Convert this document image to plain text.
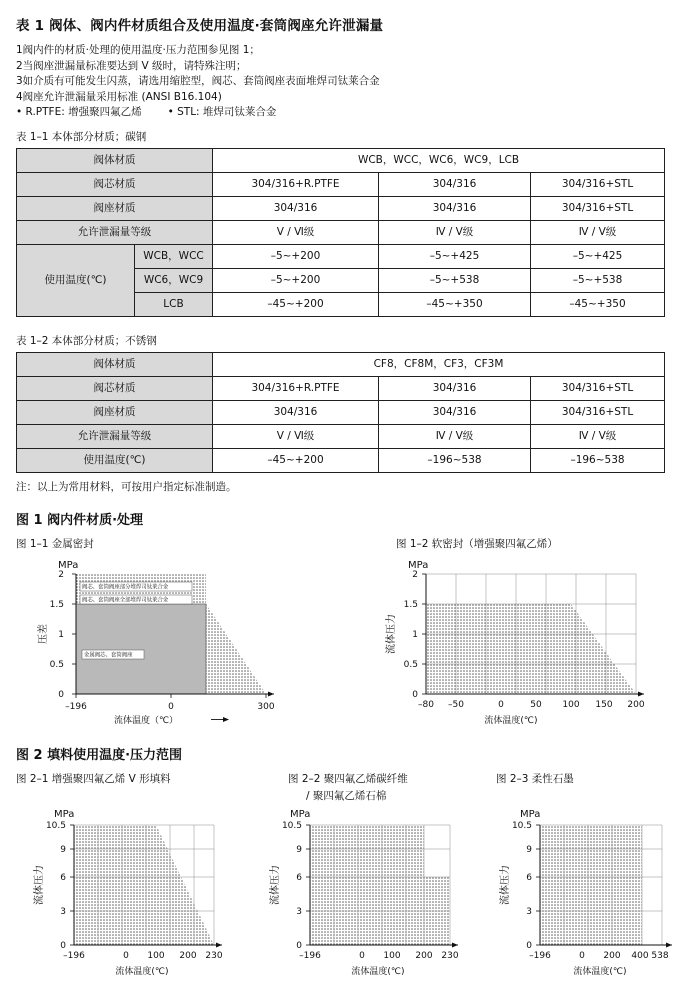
表 1 阀体、阀内件材质组合及使用温度·套筒阀座允许泄漏量
1阀内件的材质·处理的使用温度·压力范围参见图 1；
2当阀座泄漏量标准要达到 V 级时，请特殊注明；
3如介质有可能发生闪蒸，请选用缩腔型，阀芯、套筒阀座表面堆焊司钛莱合金
4阀座允许泄漏量采用标准 (ANSI B16.104)
• R.PTFE: 增强聚四氟乙烯 • STL: 堆焊司钛莱合金
表 1–1 本体部分材质；碳钢
阀体材质		WCB，WCC，WC6，WC9，LCB		
阀芯材质		304/316+R.PTFE	304/316	304/316+STL
阀座材质		304/316	304/316	304/316+STL
允许泄漏量等级		Ⅴ / Ⅵ级	Ⅳ / Ⅴ级	Ⅳ / Ⅴ级
使用温度(℃)	WCB，WCC	–5~+200	–5~+425	–5~+425
	WC6，WC9	–5~+200	–5~+538	–5~+538
	LCB	–45~+200	–45~+350	–45~+350
表 1–2 本体部分材质；不锈钢
阀体材质	CF8，CF8M，CF3，CF3M		
阀芯材质	304/316+R.PTFE	304/316	304/316+STL
阀座材质	304/316	304/316	304/316+STL
允许泄漏量等级	Ⅴ / Ⅵ级	Ⅳ / Ⅴ级	Ⅳ / Ⅴ级
使用温度(℃)	–45~+200	–196~538	–196~538
注：以上为常用材料，可按用户指定标准制造。
图 1 阀内件材质·处理
图 1–1 金属密封	图 1–2 软密封（增强聚四氟乙烯）
MPa
阀芯、套筒阀座部分堆焊司钛莱合金
阀芯、套筒阀座全部堆焊司钛莱合金
金属阀芯、套筒阀座
0
0.5
1
1.5
2
–196	0	300
压差
流体温度（℃）
MPa
0
0.5
1
1.5
2
–80 –50	0	50 100 150 200
流体压力
流体温度(℃)
图 2 填料使用温度·压力范围
图 2–1 增强聚四氟乙烯 V 形填料	图 2–2 聚四氟乙烯碳纤维
/ 聚四氟乙烯石棉
图 2–3 柔性石墨
MPa
0
3
6
9
10.5
–196	0 100 200 230
流体压力
流体温度(℃)
MPa
0
3
6
9
10.5
–196	0 100 200 230
流体压力
流体温度(℃)
MPa
0
3
6
9
10.5
–196	0 200 400 538
流体压力
流体温度(℃)
